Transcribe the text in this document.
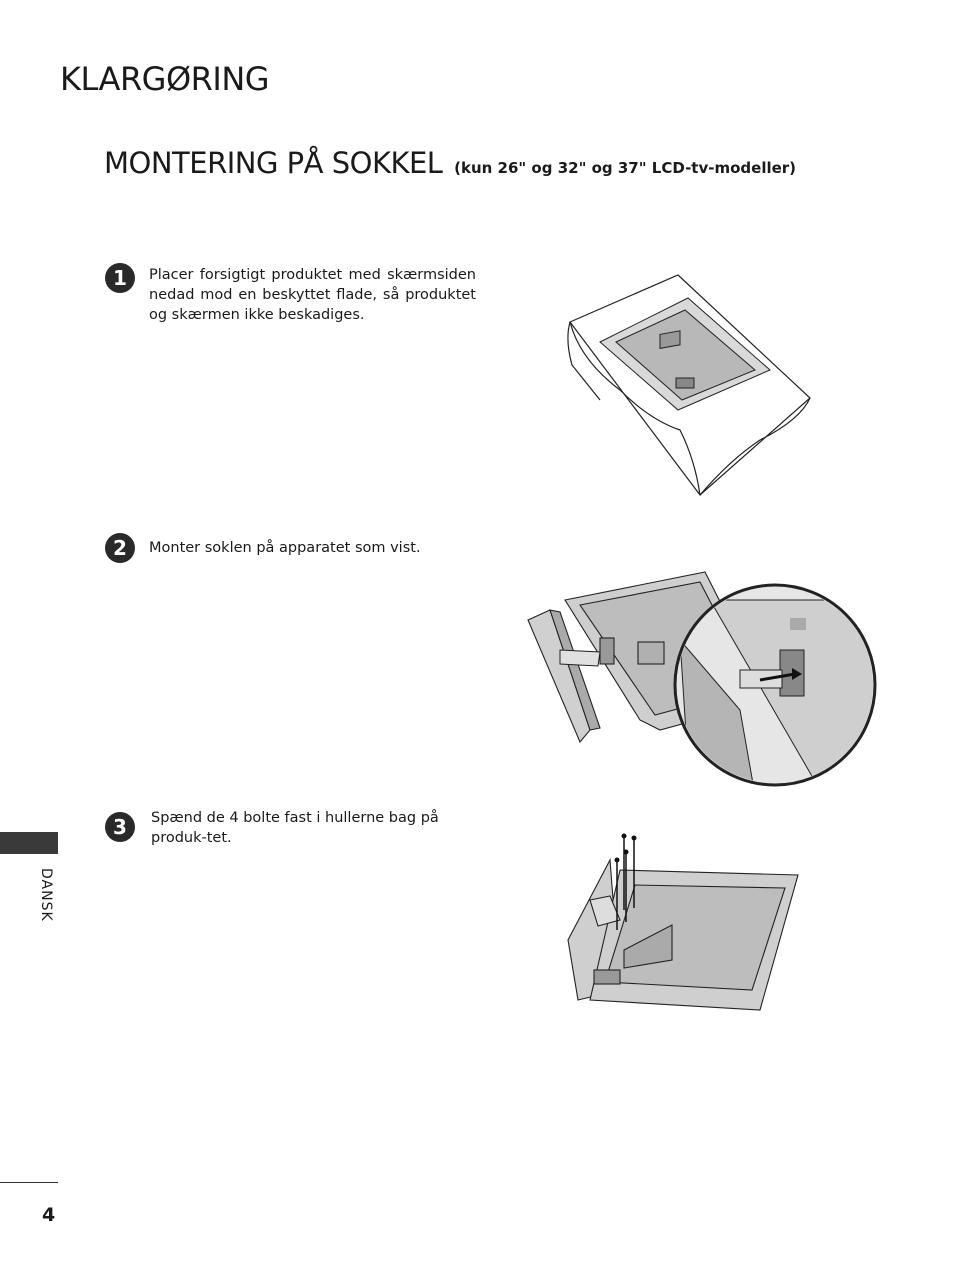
KLARGØRING
MONTERING PÅ SOKKEL (kun 26" og 32" og 37" LCD-tv-modeller)
1	Placer forsigtigt produktet med skærmsiden nedad mod en beskyttet flade, så produktet og skærmen ikke beskadiges.
2	Monter soklen på apparatet som vist.
3	Spænd de 4 bolte fast i hullerne bag på produk-tet.
DANSK
4
